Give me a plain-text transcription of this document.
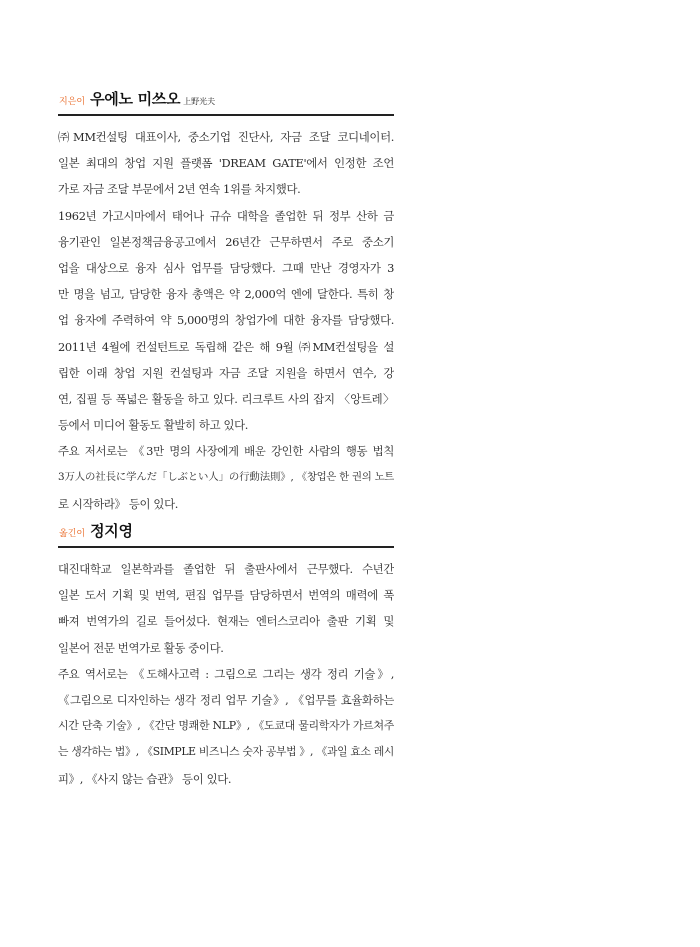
지은이 우에노 미쓰오 上野光夫
㈜MM컨설팅 대표이사, 중소기업 진단사, 자금 조달 코디네이터.
일본 최대의 창업 지원 플랫폼 'DREAM GATE'에서 인정한 조언
가로 자금 조달 부문에서 2년 연속 1위를 차지했다.
1962년 가고시마에서 태어나 규슈 대학을 졸업한 뒤 정부 산하 금
융기관인 일본정책금융공고에서 26년간 근무하면서 주로 중소기
업을 대상으로 융자 심사 업무를 담당했다. 그때 만난 경영자가 3
만 명을 넘고, 담당한 융자 총액은 약 2,000억 엔에 달한다. 특히 창
업 융자에 주력하여 약 5,000명의 창업가에 대한 융자를 담당했다.
2011년 4월에 컨설턴트로 독립해 같은 해 9월 ㈜MM컨설팅을 설
립한 이래 창업 지원 컨설팅과 자금 조달 지원을 하면서 연수, 강
연, 집필 등 폭넓은 활동을 하고 있다. 리크루트 사의 잡지 〈앙트레〉
등에서 미디어 활동도 활발히 하고 있다.
주요 저서로는 《3만 명의 사장에게 배운 강인한 사람의 행동 법칙
3万人の社長に学んだ「しぶとい人」の行動法則》, 《창업은 한 권의 노트
로 시작하라》 등이 있다.
옮긴이 정지영
대진대학교 일본학과를 졸업한 뒤 출판사에서 근무했다. 수년간
일본 도서 기획 및 번역, 편집 업무를 담당하면서 번역의 매력에 푹
빠져 번역가의 길로 들어섰다. 현재는 엔터스코리아 출판 기획 및
일본어 전문 번역가로 활동 중이다.
주요 역서로는 《도해사고력 : 그림으로 그리는 생각 정리 기술》,
《그림으로 디자인하는 생각 정리 업무 기술》, 《업무를 효율화하는
시간 단축 기술》, 《간단 명쾌한 NLP》, 《도쿄대 물리학자가 가르쳐주
는 생각하는 법》, 《SIMPLE 비즈니스 숫자 공부법 》, 《과일 효소 레시
피》, 《사지 않는 습관》 등이 있다.
